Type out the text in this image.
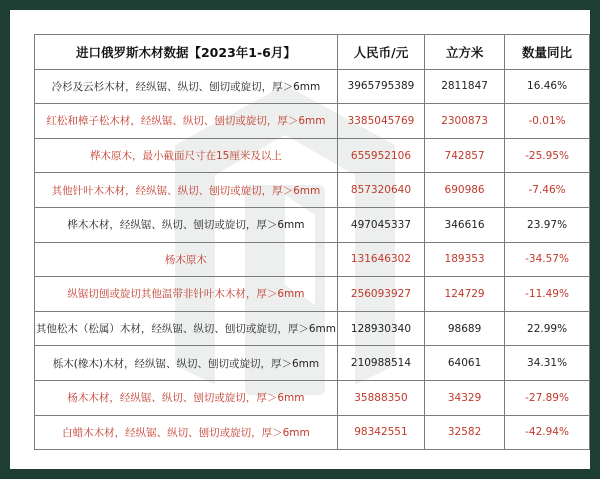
进口俄罗斯木材数据【2023年1-6月】	人民币/元	立方米	数量同比
冷杉及云杉木材，经纵锯、纵切、刨切或旋切，厚＞6mm	3965795389	2811847	16.46%
红松和樟子松木材，经纵锯、纵切、刨切或旋切，厚＞6mm	3385045769	2300873	-0.01%
桦木原木，最小截面尺寸在15厘米及以上	655952106	742857	-25.95%
其他针叶木木材，经纵锯、纵切、刨切或旋切，厚＞6mm	857320640	690986	-7.46%
桦木木材，经纵锯、纵切、刨切或旋切，厚＞6mm	497045337	346616	23.97%
杨木原木	131646302	189353	-34.57%
纵锯切刨或旋切其他温带非针叶木木材，厚＞6mm	256093927	124729	-11.49%
其他松木（松属）木材，经纵锯、纵切、刨切或旋切，厚＞6mm	128930340	98689	22.99%
栎木(橡木)木材，经纵锯、纵切、刨切或旋切，厚＞6mm	210988514	64061	34.31%
杨木木材，经纵锯、纵切、刨切或旋切，厚＞6mm	35888350	34329	-27.89%
白蜡木木材，经纵锯、纵切、刨切或旋切，厚＞6mm	98342551	32582	-42.94%
